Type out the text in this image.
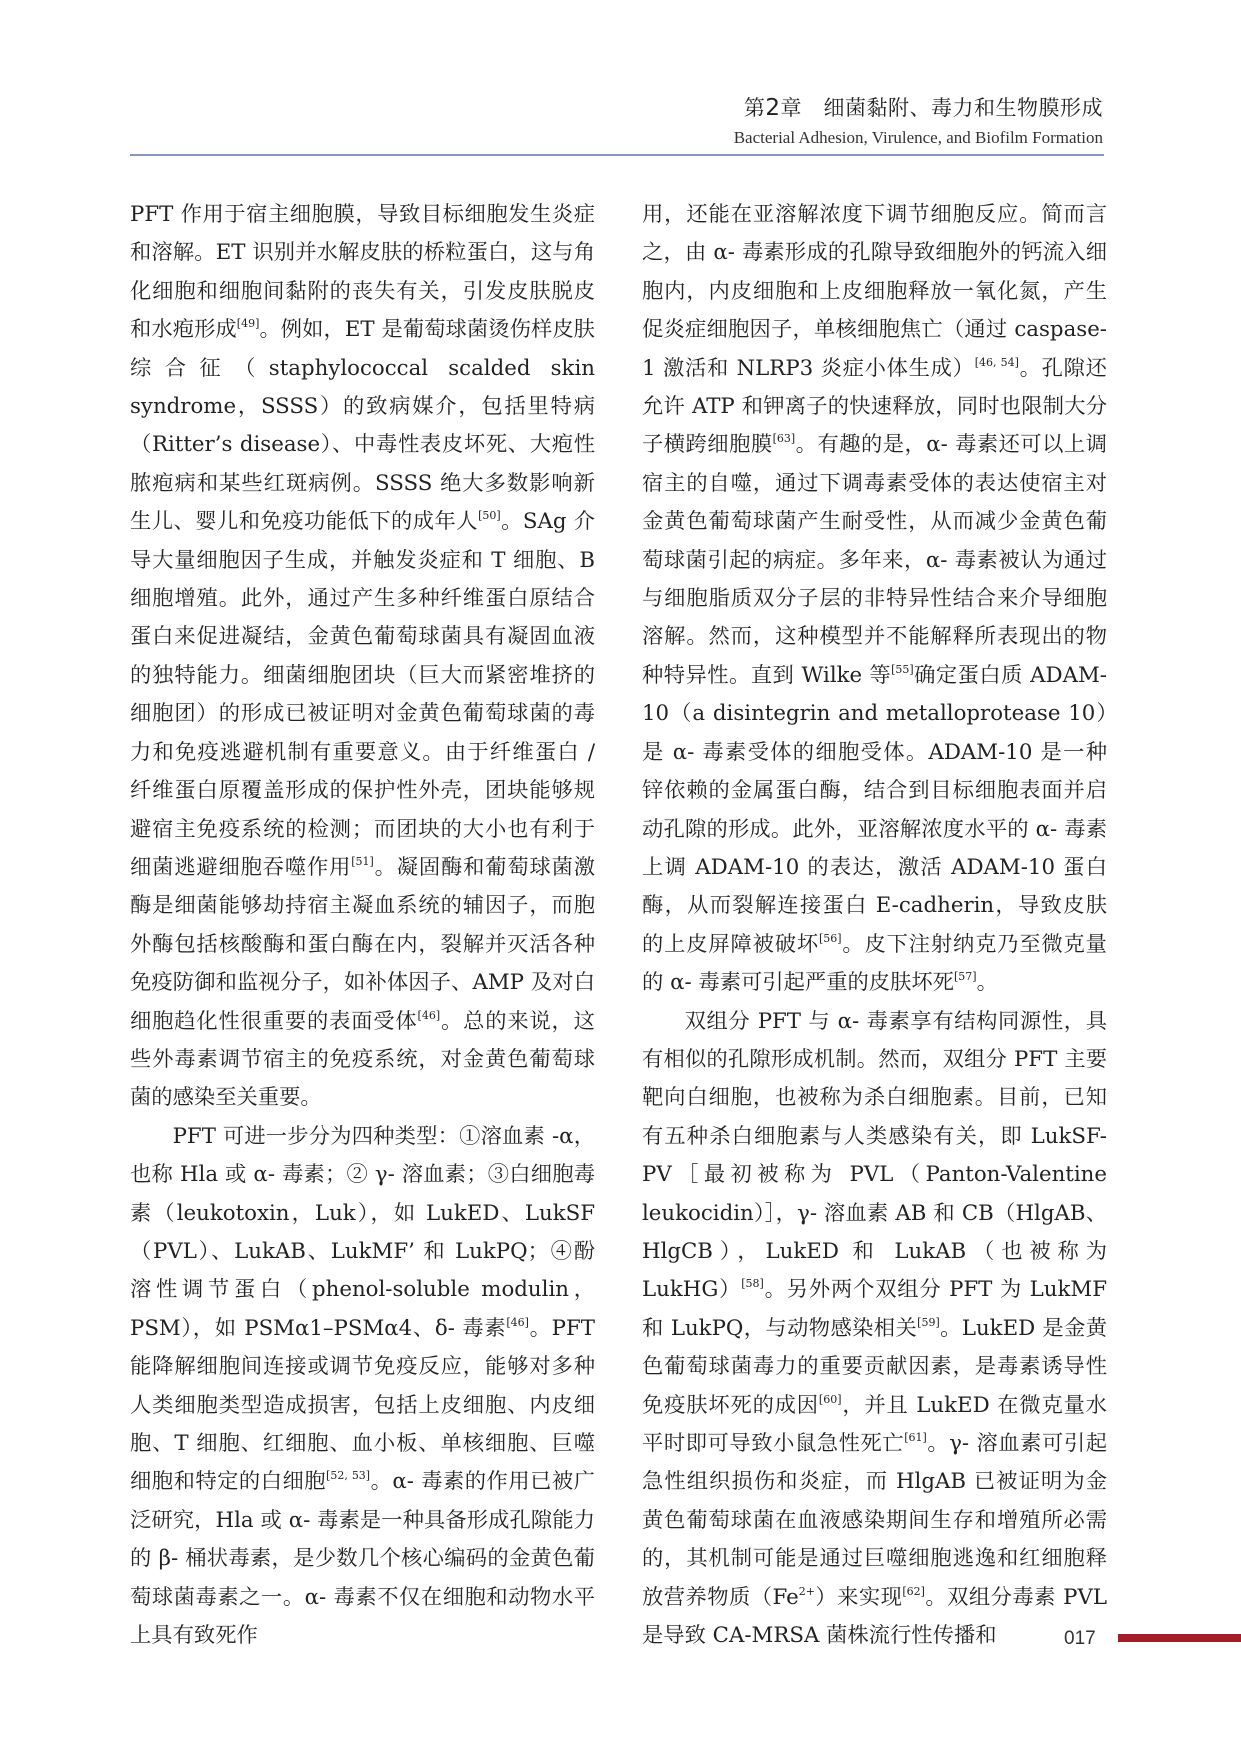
第2章 细菌黏附、毒力和生物膜形成
Bacterial Adhesion, Virulence, and Biofilm Formation

PFT 作用于宿主细胞膜，导致目标细胞发生炎症和溶解。ET 识别并水解皮肤的桥粒蛋白，这与角化细胞和细胞间黏附的丧失有关，引发皮肤脱皮和水疱形成[49]。例如，ET 是葡萄球菌烫伤样皮肤综合征（staphylococcal scalded skin syndrome，SSSS）的致病媒介，包括里特病（Ritter’s disease）、中毒性表皮坏死、大疱性脓疱病和某些红斑病例。SSSS 绝大多数影响新生儿、婴儿和免疫功能低下的成年人[50]。SAg 介导大量细胞因子生成，并触发炎症和 T 细胞、B 细胞增殖。此外，通过产生多种纤维蛋白原结合蛋白来促进凝结，金黄色葡萄球菌具有凝固血液的独特能力。细菌细胞团块（巨大而紧密堆挤的细胞团）的形成已被证明对金黄色葡萄球菌的毒力和免疫逃避机制有重要意义。由于纤维蛋白 / 纤维蛋白原覆盖形成的保护性外壳，团块能够规避宿主免疫系统的检测；而团块的大小也有利于细菌逃避细胞吞噬作用[51]。凝固酶和葡萄球菌激酶是细菌能够劫持宿主凝血系统的辅因子，而胞外酶包括核酸酶和蛋白酶在内，裂解并灭活各种免疫防御和监视分子，如补体因子、AMP 及对白细胞趋化性很重要的表面受体[46]。总的来说，这些外毒素调节宿主的免疫系统，对金黄色葡萄球菌的感染至关重要。

PFT 可进一步分为四种类型：①溶血素 -α，也称 Hla 或 α- 毒素；② γ- 溶血素；③白细胞毒素（leukotoxin，Luk），如 LukED、LukSF（PVL）、LukAB、LukMF’ 和 LukPQ；④酚溶性调节蛋白（phenol-soluble modulin，PSM），如 PSMα1–PSMα4、δ- 毒素[46]。PFT 能降解细胞间连接或调节免疫反应，能够对多种人类细胞类型造成损害，包括上皮细胞、内皮细胞、T 细胞、红细胞、血小板、单核细胞、巨噬细胞和特定的白细胞[52, 53]。α- 毒素的作用已被广泛研究，Hla 或 α- 毒素是一种具备形成孔隙能力的 β- 桶状毒素，是少数几个核心编码的金黄色葡萄球菌毒素之一。α- 毒素不仅在细胞和动物水平上具有致死作

用，还能在亚溶解浓度下调节细胞反应。简而言之，由 α- 毒素形成的孔隙导致细胞外的钙流入细胞内，内皮细胞和上皮细胞释放一氧化氮，产生促炎症细胞因子，单核细胞焦亡（通过 caspase-1 激活和 NLRP3 炎症小体生成）[46, 54]。孔隙还允许 ATP 和钾离子的快速释放，同时也限制大分子横跨细胞膜[63]。有趣的是，α- 毒素还可以上调宿主的自噬，通过下调毒素受体的表达使宿主对金黄色葡萄球菌产生耐受性，从而减少金黄色葡萄球菌引起的病症。多年来，α- 毒素被认为通过与细胞脂质双分子层的非特异性结合来介导细胞溶解。然而，这种模型并不能解释所表现出的物种特异性。直到 Wilke 等[55]确定蛋白质 ADAM-10（a disintegrin and metalloprotease 10）是 α- 毒素受体的细胞受体。ADAM-10 是一种锌依赖的金属蛋白酶，结合到目标细胞表面并启动孔隙的形成。此外，亚溶解浓度水平的 α- 毒素上调 ADAM-10 的表达，激活 ADAM-10 蛋白酶，从而裂解连接蛋白 E-cadherin，导致皮肤的上皮屏障被破坏[56]。皮下注射纳克乃至微克量的 α- 毒素可引起严重的皮肤坏死[57]。

双组分 PFT 与 α- 毒素享有结构同源性，具有相似的孔隙形成机制。然而，双组分 PFT 主要靶向白细胞，也被称为杀白细胞素。目前，已知有五种杀白细胞素与人类感染有关，即 LukSF-PV［最初被称为 PVL（Panton-Valentine leukocidin）］，γ- 溶血素 AB 和 CB（HlgAB、HlgCB），LukED 和 LukAB（也被称为 LukHG）[58]。另外两个双组分 PFT 为 LukMF 和 LukPQ，与动物感染相关[59]。LukED 是金黄色葡萄球菌毒力的重要贡献因素，是毒素诱导性免疫肤坏死的成因[60]，并且 LukED 在微克量水平时即可导致小鼠急性死亡[61]。γ- 溶血素可引起急性组织损伤和炎症，而 HlgAB 已被证明为金黄色葡萄球菌在血液感染期间生存和增殖所必需的，其机制可能是通过巨噬细胞逃逸和红细胞释放营养物质$(Fe^{2+})$来实现[62]。双组分毒素 PVL 是导致 CA-MRSA 菌株流行性传播和	017
